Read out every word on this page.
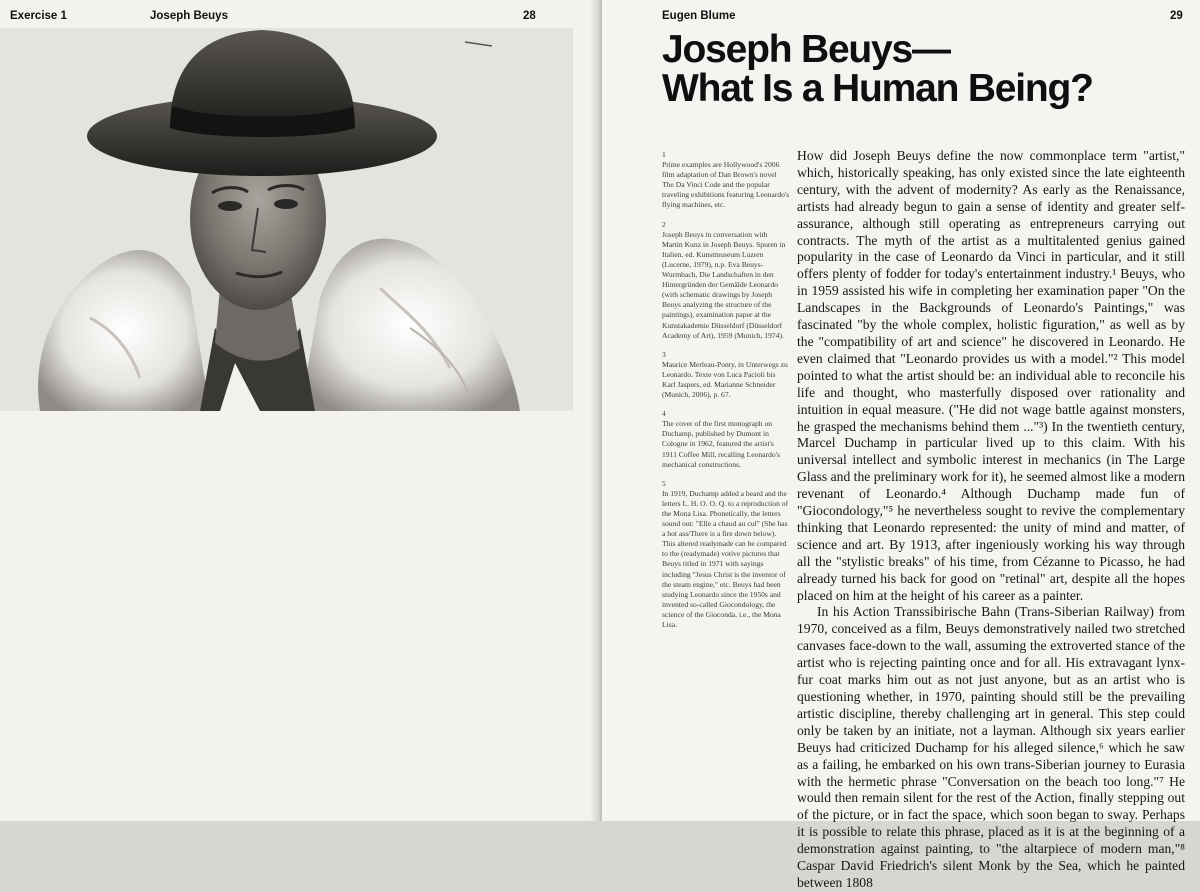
Exercise 1	Joseph Beuys	28	Eugen Blume	29
Joseph Beuys—
What Is a Human Being?
1
Prime examples are Hollywood's 2006 film adaptation of Dan Brown's novel The Da Vinci Code and the popular traveling exhibitions featuring Leonardo's flying machines, etc.
2
Joseph Beuys in conversation with Martin Kunz in Joseph Beuys. Spuren in Italien, ed. Kunstmuseum Luzern (Lucerne, 1979), n.p. Eva Beuys-Wurmbach, Die Landschaften in den Hintergründen der Gemälde Leonardo (with schematic drawings by Joseph Beuys analyzing the structure of the paintings), examination paper at the Kunstakademie Düsseldorf (Düsseldorf Academy of Art), 1959 (Munich, 1974).
3
Maurice Merleau-Ponty, in Unterwegs zu Leonardo. Texte von Luca Pacioli bis Karl Jaspers, ed. Marianne Schneider (Munich, 2006), p. 67.
4
The cover of the first monograph on Duchamp, published by Dumont in Cologne in 1962, featured the artist's 1911 Coffee Mill, recalling Leonardo's mechanical constructions.
5
In 1919, Duchamp added a beard and the letters L. H. O. O. Q. to a reproduction of the Mona Lisa. Phonetically, the letters sound out: "Elle a chaud au cul" (She has a hot ass/There is a fire down below). This altered readymade can be compared to the (readymade) votive pictures that Beuys titled in 1971 with sayings including "Jesus Christ is the inventor of the steam engine," etc. Beuys had been studying Leonardo since the 1950s and invented so-called Giocondology, the science of the Gioconda, i.e., the Mona Lisa.

How did Joseph Beuys define the now commonplace term "artist," which, historically speaking, has only existed since the late eighteenth century, with the advent of modernity? As early as the Renaissance, artists had already begun to gain a sense of identity and greater self-assurance, although still operating as entrepreneurs carrying out contracts. The myth of the artist as a multitalented genius gained popularity in the case of Leonardo da Vinci in particular, and it still offers plenty of fodder for today's entertainment industry.¹ Beuys, who in 1959 assisted his wife in completing her examination paper "On the Landscapes in the Backgrounds of Leonardo's Paintings," was fascinated "by the whole complex, holistic figuration," as well as by the "compatibility of art and science" he discovered in Leonardo. He even claimed that "Leonardo provides us with a model."² This model pointed to what the artist should be: an individual able to reconcile his life and thought, who masterfully disposed over rationality and intuition in equal measure. ("He did not wage battle against monsters, he grasped the mechanisms behind them ..."³) In the twentieth century, Marcel Duchamp in particular lived up to this claim. With his universal intellect and symbolic interest in mechanics (in The Large Glass and the preliminary work for it), he seemed almost like a modern revenant of Leonardo.⁴ Although Duchamp made fun of "Giocondology,"⁵ he nevertheless sought to revive the complementary thinking that Leonardo represented: the unity of mind and matter, of science and art. By 1913, after ingeniously working his way through all the "stylistic breaks" of his time, from Cézanne to Picasso, he had already turned his back for good on "retinal" art, despite all the hopes placed on him at the height of his career as a painter.

In his Action Transsibirische Bahn (Trans-Siberian Railway) from 1970, conceived as a film, Beuys demonstratively nailed two stretched canvases face-down to the wall, assuming the extroverted stance of the artist who is rejecting painting once and for all. His extravagant lynx-fur coat marks him out as not just anyone, but as an artist who is questioning whether, in 1970, painting should still be the prevailing artistic discipline, thereby challenging art in general. This step could only be taken by an initiate, not a layman. Although six years earlier Beuys had criticized Duchamp for his alleged silence,⁶ which he saw as a failing, he embarked on his own trans-Siberian journey to Eurasia with the hermetic phrase "Conversation on the beach too long."⁷ He would then remain silent for the rest of the Action, finally stepping out of the picture, or in fact the space, which soon began to sway. Perhaps it is possible to relate this phrase, placed as it is at the beginning of a demonstration against painting, to "the altarpiece of modern man,"⁸ Caspar David Friedrich's silent Monk by the Sea, which he painted between 1808
